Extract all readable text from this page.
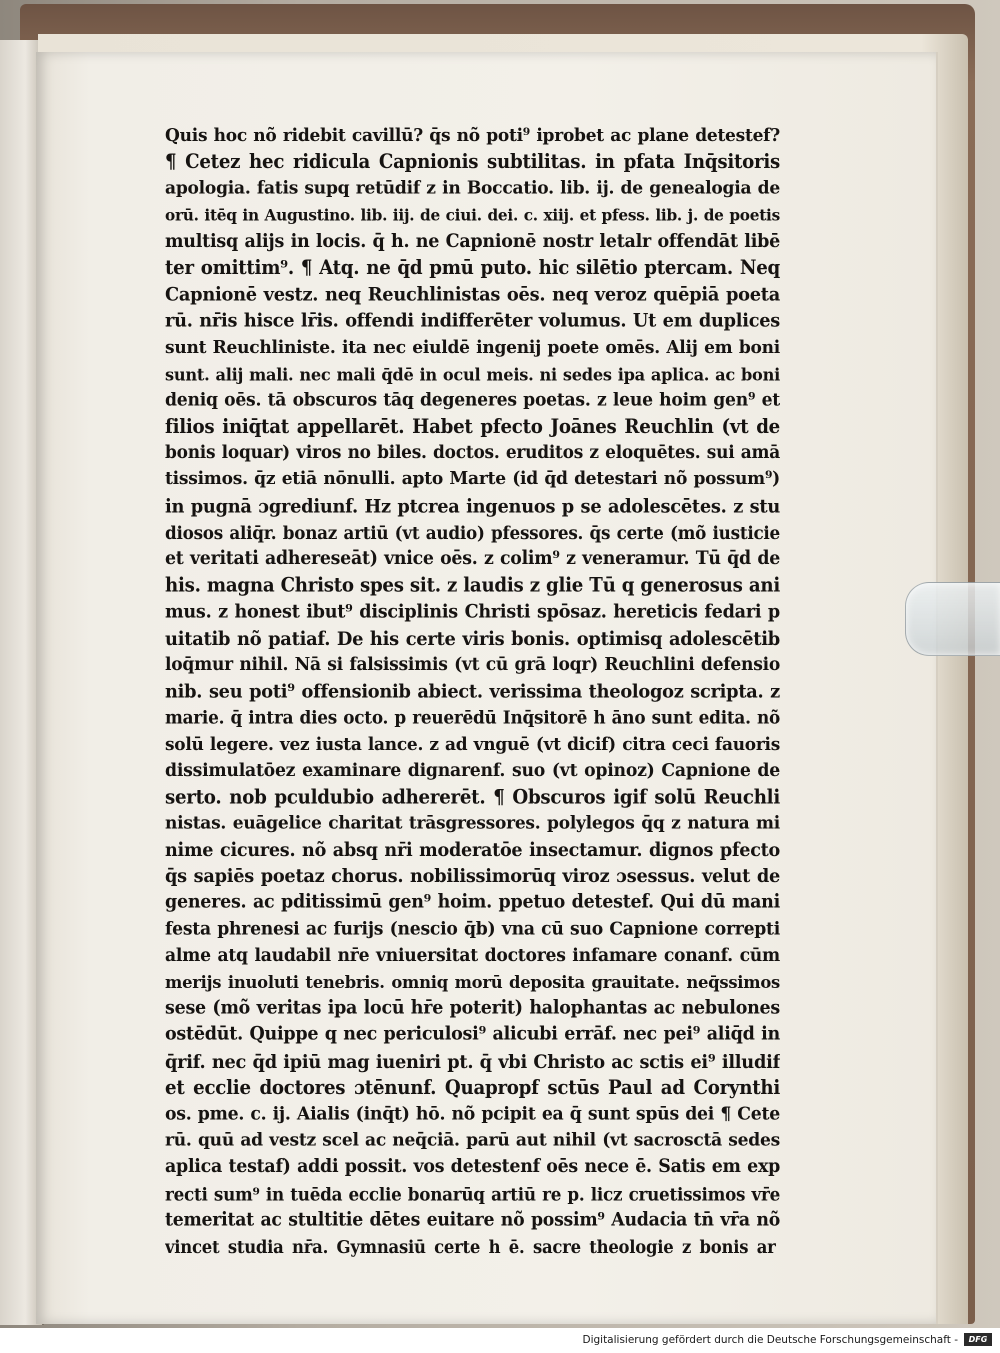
Quis hoc nõ ridebit cavillū? q̄s nõ poti⁹ iprobet ac plane detestef?
¶ Cetez hec ridicula Capnionis subtilitas. in pfata Inq̄sitoris
apologia. fatis supq retūdif z in Boccatio. lib. ij. de genealogia de
orū. itēq in Augustino. lib. iij. de ciui. dei. c. xiij. et pfess. lib. j. de poetis
multisq alijs in locis. q̄ h. ne Capnionē nostr letalr offendāt libē
ter omittim⁹. ¶ Atq. ne q̄d pmū puto. hic silētio ptercam. Neq
Capnionē vestz. neq Reuchlinistas oēs. neq veroz quēpiā poeta
rū. nr̄is hisce lr̄is. offendi indifferēter volumus. Ut em duplices
sunt Reuchliniste. ita nec eiuldē ingenij poete omēs. Alij em boni
sunt. alij mali. nec mali q̄dē in ocul meis. ni sedes ipa aplica. ac boni
deniq oēs. tā obscuros tāq degeneres poetas. z leue hoim gen⁹ et
filios iniq̄tat appellarēt. Habet pfecto Joānes Reuchlin (vt de
bonis loquar) viros no biles. doctos. eruditos z eloquētes. sui amā
tissimos. q̄z etiā nōnulli. apto Marte (id q̄d detestari nõ possum⁹)
in pugnā ɔgrediunf. Hz ptcrea ingenuos p se adolescētes. z stu
diosos aliq̄r. bonaz artiū (vt audio) pfessores. q̄s certe (mõ iusticie
et veritati adhereseāt) vnice oēs. z colim⁹ z veneramur. Tū q̄d de
his. magna Christo spes sit. z laudis z glie Tū q generosus ani
mus. z honest ibut⁹ disciplinis Christi spōsaz. hereticis fedari p
uitatib nõ patiaf. De his certe viris bonis. optimisq adolescētib
loq̄mur nihil. Nā si falsissimis (vt cū grā loqr) Reuchlini defensio
nib. seu poti⁹ offensionib abiect. verissima theologoz scripta. z
marie. q̄ intra dies octo. p reuerēdū Inq̄sitorē h āno sunt edita. nõ
solū legere. vez iusta lance. z ad vnguē (vt dicif) citra ceci fauoris
dissimulatōez examinare dignarenf. suo (vt opinoz) Capnione de
serto. nob pculdubio adhererēt. ¶ Obscuros igif solū Reuchli
nistas. euāgelice charitat trāsgressores. polylegos q̄q z natura mi
nime cicures. nõ absq nr̄i moderatōe insectamur. dignos pfecto
q̄s sapiēs poetaz chorus. nobilissimorūq viroz ɔsessus. velut de
generes. ac pditissimū gen⁹ hoim. ppetuo detestef. Qui dū mani
festa phrenesi ac furijs (nescio q̄b) vna cū suo Capnione correpti
alme atq laudabil nr̄e vniuersitat doctores infamare conanf. cūm
merijs inuoluti tenebris. omniq morū deposita grauitate. neq̄ssimos
sese (mõ veritas ipa locū hr̄e poterit) halophantas ac nebulones
ostēdūt. Quippe q nec periculosi⁹ alicubi errāf. nec pei⁹ aliq̄d in
q̄rif. nec q̄d ipiū mag iueniri pt. q̄ vbi Christo ac sctis ei⁹ illudif
et ecclie doctores ɔtēnunf. Quapropf sctūs Paul ad Corynthi
os. pme. c. ij. Aialis (inq̄t) hō. nõ pcipit ea q̄ sunt spūs dei ¶ Cete
rū. quū ad vestz scel ac neq̄ciā. parū aut nihil (vt sacrosctā sedes
aplica testaf) addi possit. vos detestenf oēs nece ē. Satis em exp
recti sum⁹ in tuēda ecclie bonarūq artiū re p. licz cruetissimos vr̄e
temeritat ac stultitie dētes euitare nõ possim⁹ Audacia tn̄ vr̄a nõ
vincet studia nr̄a. Gymnasiū certe h ē. sacre theologie z bonis ar
Digitalisierung gefördert durch die Deutsche Forschungsgemeinschaft -	DFG
